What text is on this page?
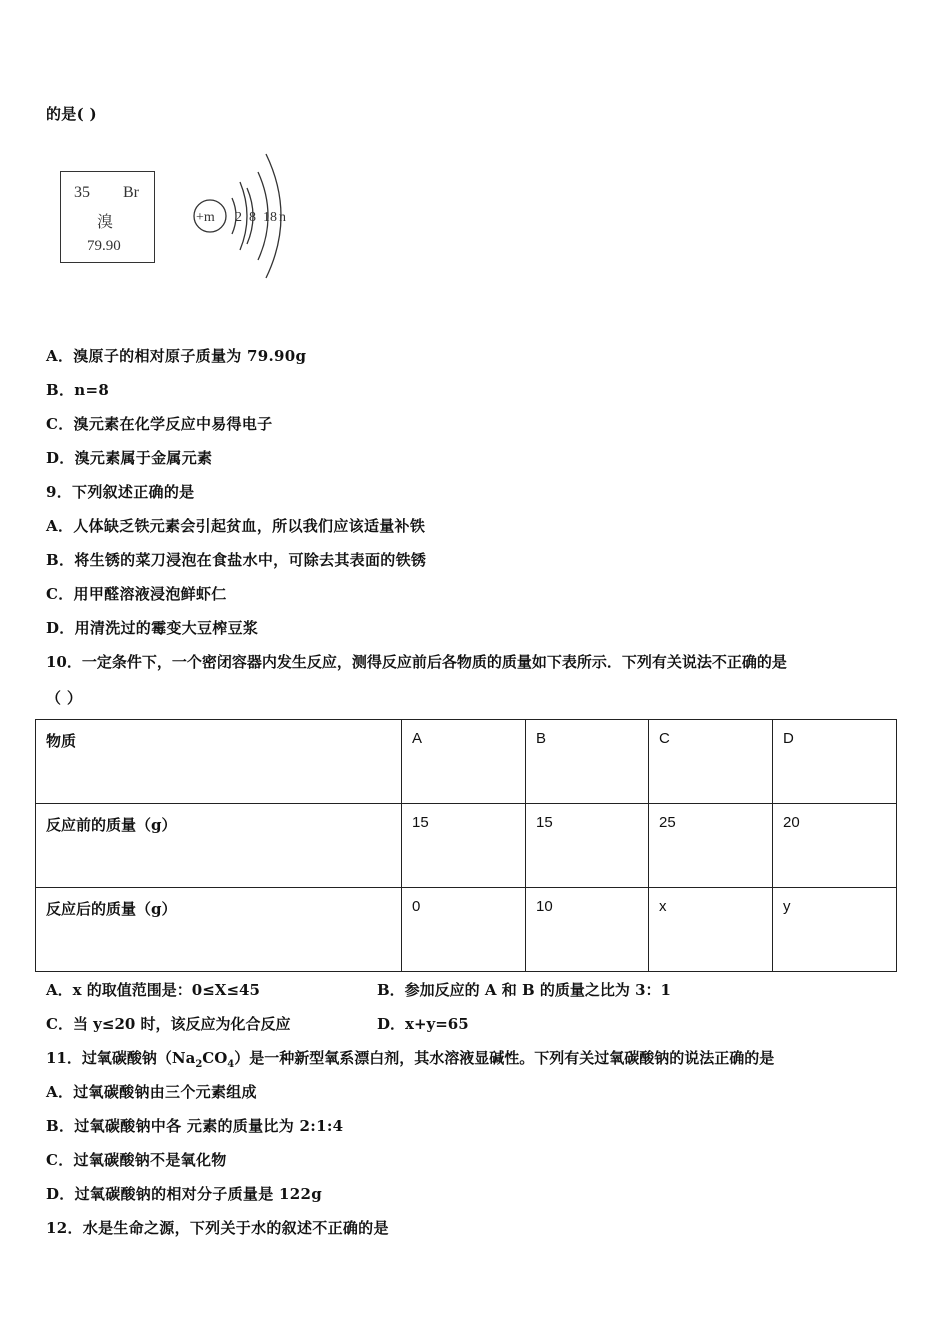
的是( )
35 Br
溴
79.90
+m 2 8 18 n
A．溴原子的相对原子质量为 79.90g
B．n=8
C．溴元素在化学反应中易得电子
D．溴元素属于金属元素
9．下列叙述正确的是
A．人体缺乏铁元素会引起贫血，所以我们应该适量补铁
B．将生锈的菜刀浸泡在食盐水中，可除去其表面的铁锈
C．用甲醛溶液浸泡鲜虾仁
D．用清洗过的霉变大豆榨豆浆
10．一定条件下，一个密闭容器内发生反应，测得反应前后各物质的质量如下表所示．下列有关说法不正确的是
（ ）
物质	A	B	C	D
反应前的质量（g）	15	15	25	20
反应后的质量（g）	0	10	x	y
A．x 的取值范围是：0≤X≤45	B．参加反应的 A 和 B 的质量之比为 3：1
C．当 y≤20 时，该反应为化合反应	D．x+y=65
11．过氧碳酸钠$(Na_2CO_4)$是一种新型氧系漂白剂，其水溶液显碱性。下列有关过氧碳酸钠的说法正确的是
A．过氧碳酸钠由三个元素组成
B．过氧碳酸钠中各 元素的质量比为 2:1:4
C．过氧碳酸钠不是氧化物
D．过氧碳酸钠的相对分子质量是 122g
12．水是生命之源，下列关于水的叙述不正确的是
